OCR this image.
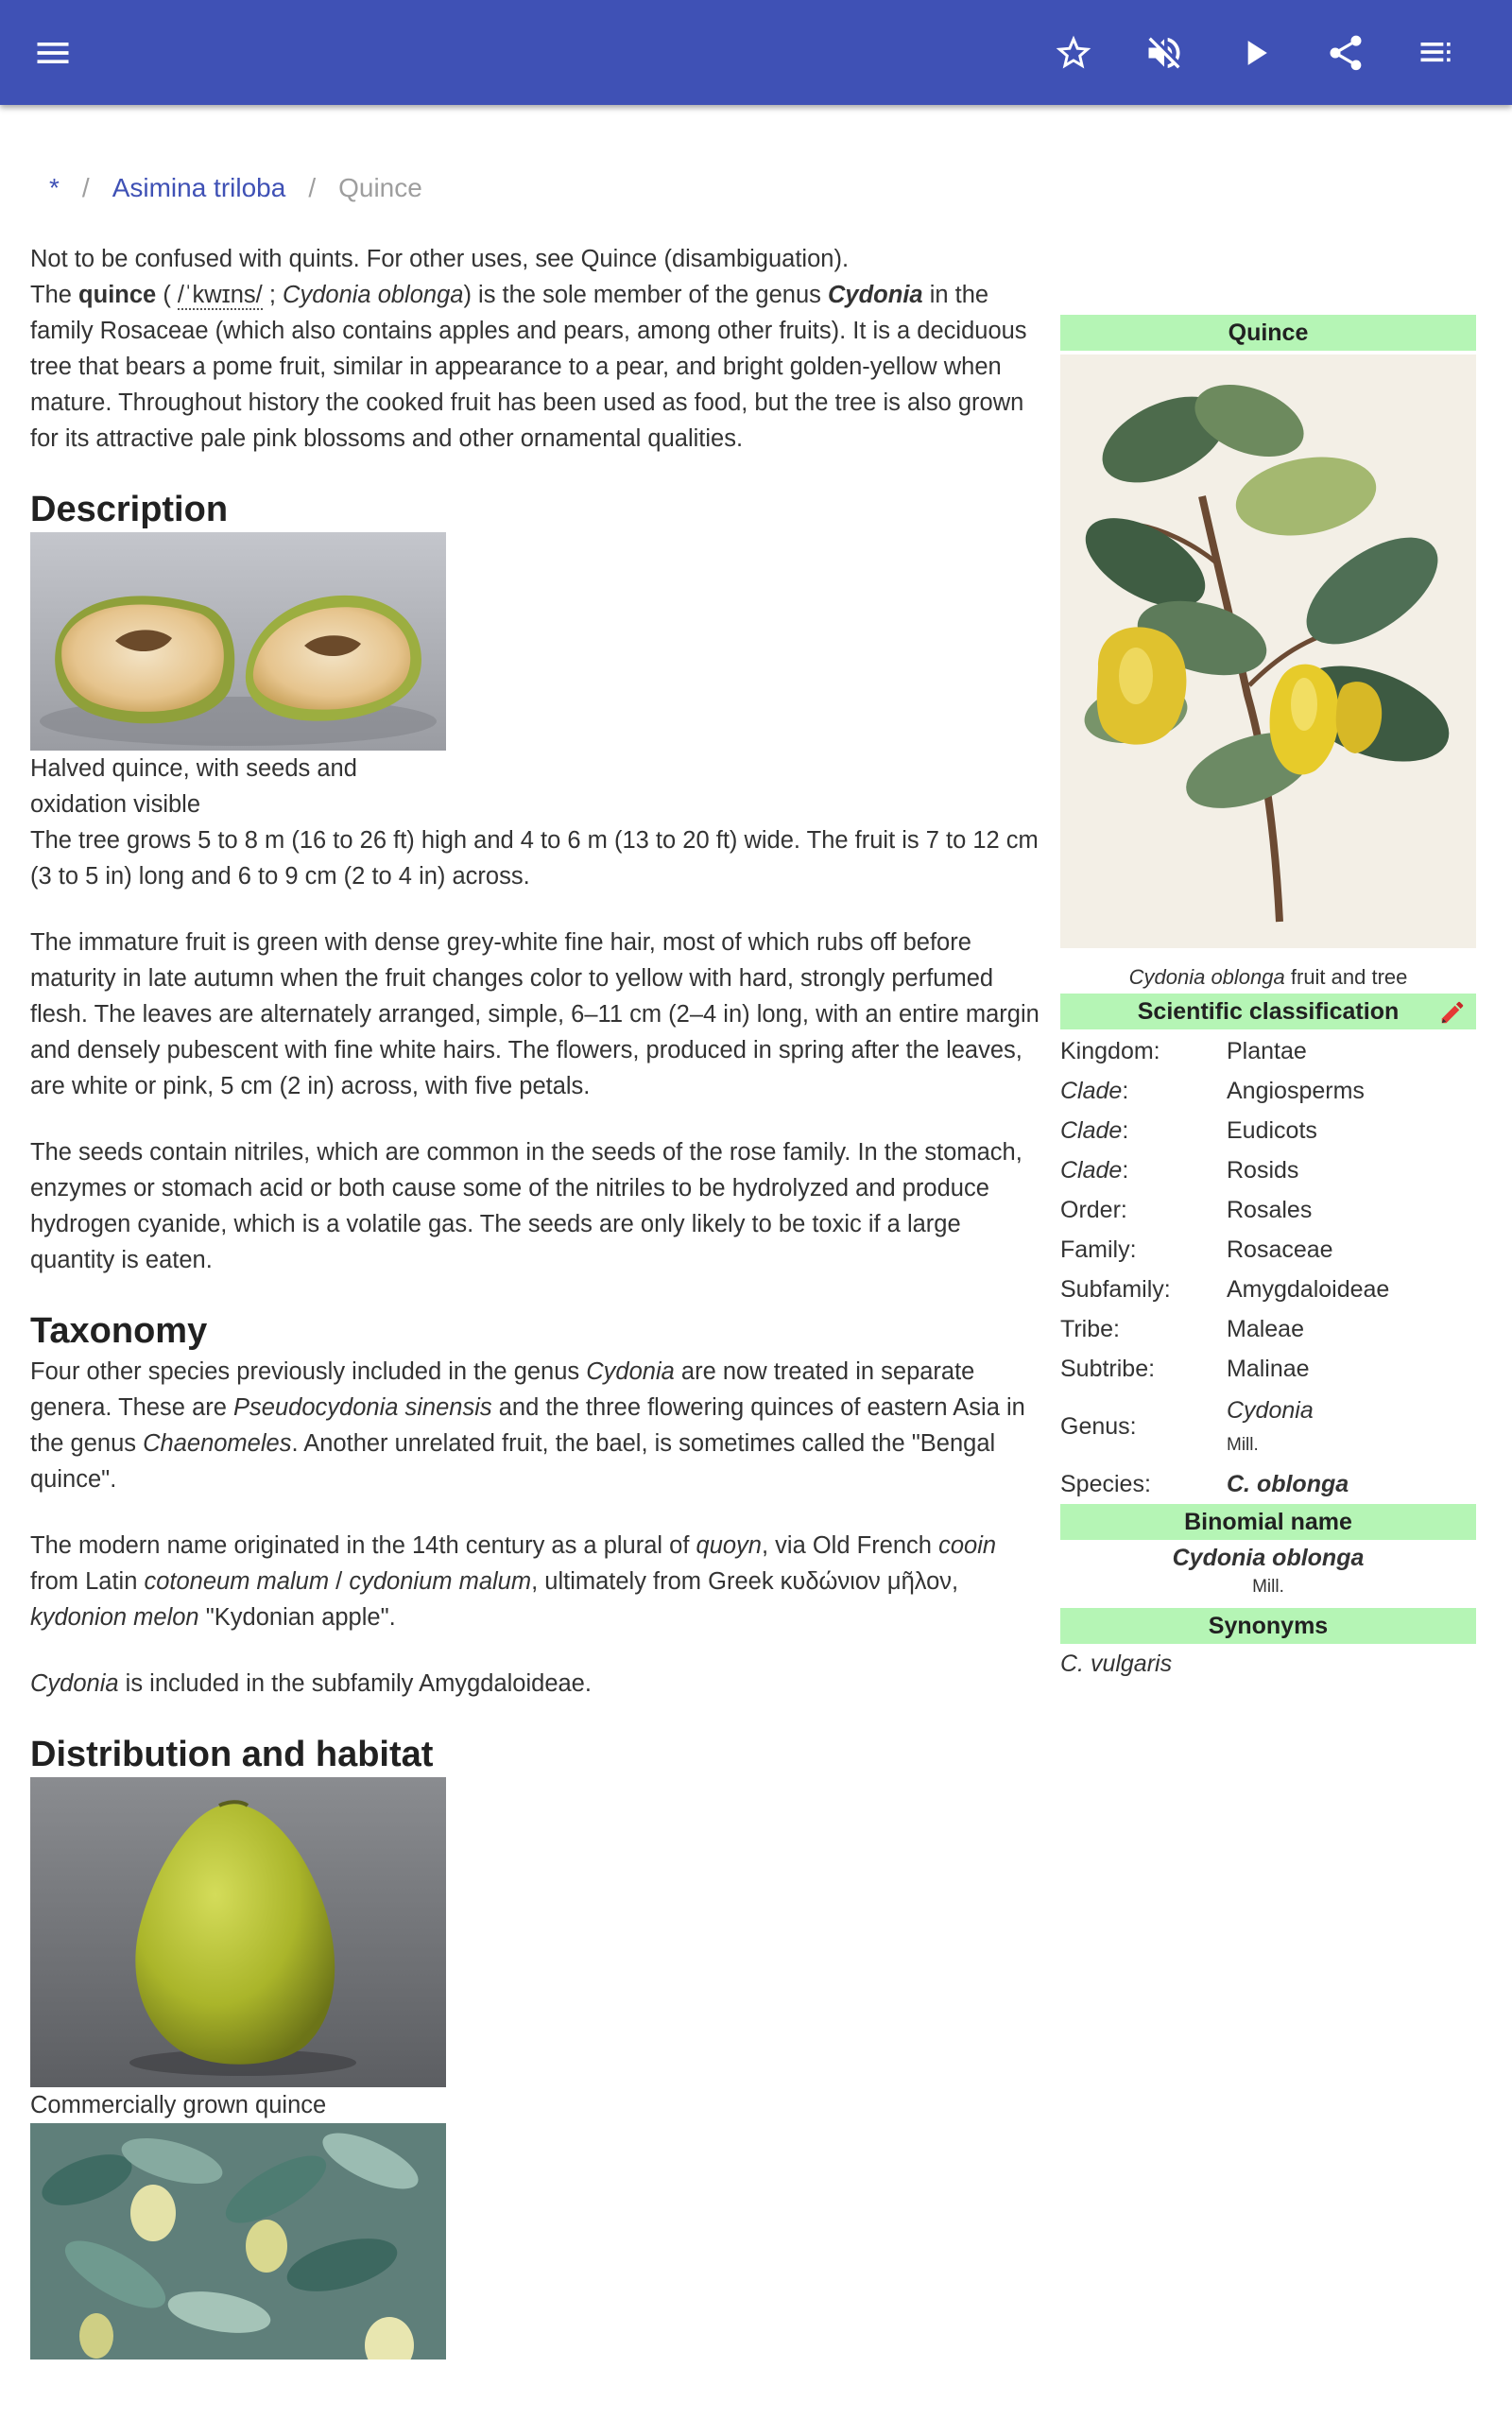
* / Asimina triloba / Quince

Not to be confused with quints. For other uses, see Quince (disambiguation).

The quince ( /ˈkwɪns/ ; Cydonia oblonga) is the sole member of the genus Cydonia in the family Rosaceae (which also contains apples and pears, among other fruits). It is a deciduous tree that bears a pome fruit, similar in appearance to a pear, and bright golden-yellow when mature. Throughout history the cooked fruit has been used as food, but the tree is also grown for its attractive pale pink blossoms and other ornamental qualities.

Description
Halved quince, with seeds and oxidation visible

The tree grows 5 to 8 m (16 to 26 ft) high and 4 to 6 m (13 to 20 ft) wide. The fruit is 7 to 12 cm (3 to 5 in) long and 6 to 9 cm (2 to 4 in) across.

The immature fruit is green with dense grey-white fine hair, most of which rubs off before maturity in late autumn when the fruit changes color to yellow with hard, strongly perfumed flesh. The leaves are alternately arranged, simple, 6–11 cm (2–4 in) long, with an entire margin and densely pubescent with fine white hairs. The flowers, produced in spring after the leaves, are white or pink, 5 cm (2 in) across, with five petals.

The seeds contain nitriles, which are common in the seeds of the rose family. In the stomach, enzymes or stomach acid or both cause some of the nitriles to be hydrolyzed and produce hydrogen cyanide, which is a volatile gas. The seeds are only likely to be toxic if a large quantity is eaten.

Taxonomy

Four other species previously included in the genus Cydonia are now treated in separate genera. These are Pseudocydonia sinensis and the three flowering quinces of eastern Asia in the genus Chaenomeles. Another unrelated fruit, the bael, is sometimes called the "Bengal quince".

The modern name originated in the 14th century as a plural of quoyn, via Old French cooin from Latin cotoneum malum / cydonium malum, ultimately from Greek κυδώνιον μῆλον, kydonion melon "Kydonian apple".

Cydonia is included in the subfamily Amygdaloideae.

Distribution and habitat
Commercially grown quince
Quince
Cydonia oblonga fruit and tree
Scientific classification
Kingdom:	Plantae
Clade:	Angiosperms
Clade:	Eudicots
Clade:	Rosids
Order:	Rosales
Family:	Rosaceae
Subfamily:	Amygdaloideae
Tribe:	Maleae
Subtribe:	Malinae
Genus:
Cydonia
Mill.
Species:	C. oblonga
Binomial name
Cydonia oblonga
Mill.
Synonyms
C. vulgaris
